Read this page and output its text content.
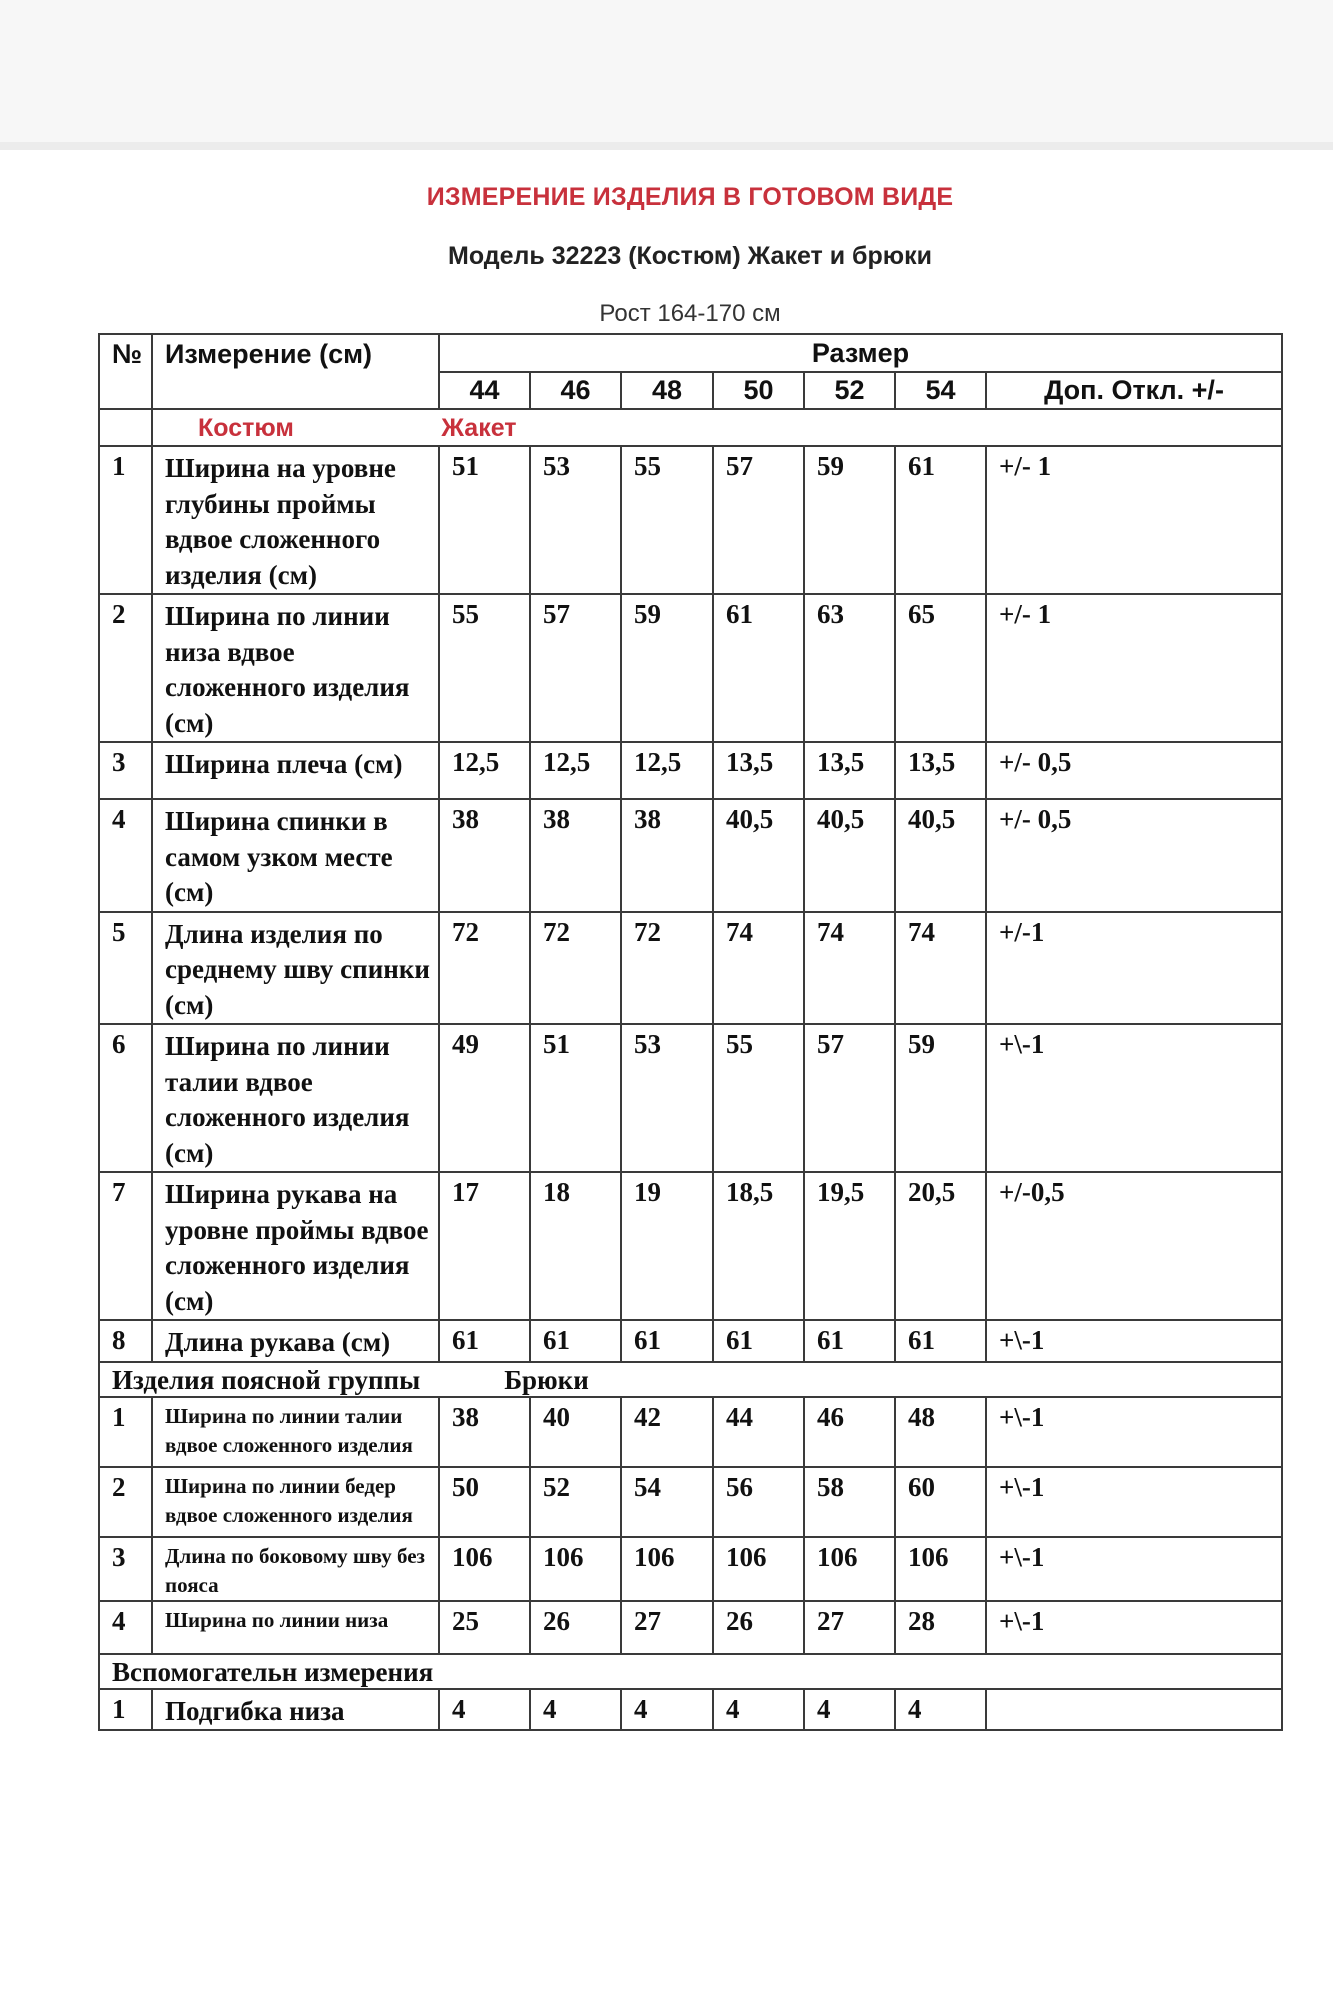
ИЗМЕРЕНИЕ ИЗДЕЛИЯ В ГОТОВОМ ВИДЕ
Модель 32223 (Костюм) Жакет и брюки
Рост 164-170 см
№	Измерение (см)	Размер						
		44	46	48	50	52	54	Доп. Откл. +/-
	Костюм Жакет							
1	Ширина на уровне глубины проймы вдвое сложенного изделия (см)	51	53	55	57	59	61	+/- 1
2	Ширина по линии низа вдвое сложенного изделия (см)	55	57	59	61	63	65	+/- 1
3	Ширина плеча (см)	12,5	12,5	12,5	13,5	13,5	13,5	+/- 0,5
4	Ширина спинки в самом узком месте (см)	38	38	38	40,5	40,5	40,5	+/- 0,5
5	Длина изделия по среднему шву спинки (см)	72	72	72	74	74	74	+/-1
6	Ширина по линии талии вдвое сложенного изделия (см)	49	51	53	55	57	59	+\-1
7	Ширина рукава на уровне проймы вдвое сложенного изделия (см)	17	18	19	18,5	19,5	20,5	+/-0,5
8	Длина рукава (см)	61	61	61	61	61	61	+\-1
Изделия поясной группы Брюки								
1	Ширина по линии талии вдвое сложенного изделия	38	40	42	44	46	48	+\-1
2	Ширина по линии бедер вдвое сложенного изделия	50	52	54	56	58	60	+\-1
3	Длина по боковому шву без пояса	106	106	106	106	106	106	+\-1
4	Ширина по линии низа	25	26	27	26	27	28	+\-1
Вспомогательн измерения								
1	Подгибка низа	4	4	4	4	4	4	
